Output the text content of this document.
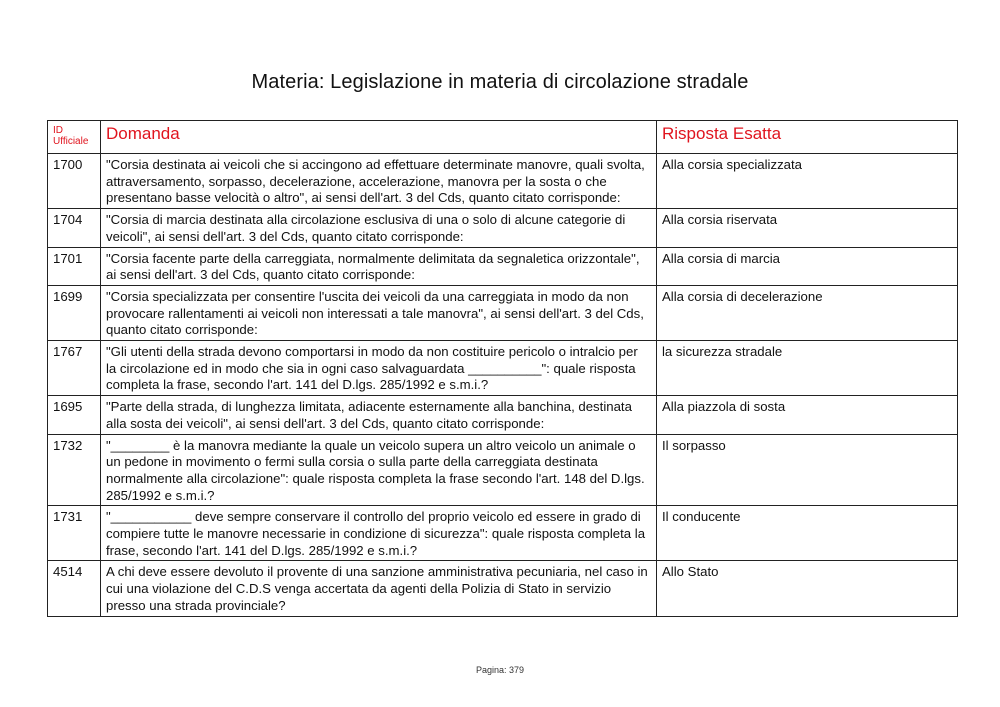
Materia: Legislazione in materia di circolazione stradale
ID Ufficiale	Domanda	Risposta Esatta
1700	"Corsia destinata ai veicoli che si accingono ad effettuare determinate manovre, quali svolta, attraversamento, sorpasso, decelerazione, accelerazione, manovra per la sosta o che presentano basse velocità o altro", ai sensi dell'art. 3 del Cds, quanto citato corrisponde:	Alla corsia specializzata
1704	"Corsia di marcia destinata alla circolazione esclusiva di una o solo di alcune categorie di veicoli", ai sensi dell'art. 3 del Cds, quanto citato corrisponde:	Alla corsia riservata
1701	"Corsia facente parte della carreggiata, normalmente delimitata da segnaletica orizzontale", ai sensi dell'art. 3 del Cds, quanto citato corrisponde:	Alla corsia di marcia
1699	"Corsia specializzata per consentire l'uscita dei veicoli da una carreggiata in modo da non provocare rallentamenti ai veicoli non interessati a tale manovra", ai sensi dell'art. 3 del Cds, quanto citato corrisponde:	Alla corsia di decelerazione
1767	"Gli utenti della strada devono comportarsi in modo da non costituire pericolo o intralcio per la circolazione ed in modo che sia in ogni caso salvaguardata __________": quale risposta completa la frase, secondo l'art. 141 del D.lgs. 285/1992 e s.m.i.?	la sicurezza stradale
1695	"Parte della strada, di lunghezza limitata, adiacente esternamente alla banchina, destinata alla sosta dei veicoli", ai sensi dell'art. 3 del Cds, quanto citato corrisponde:	Alla piazzola di sosta
1732	"________ è la manovra mediante la quale un veicolo supera un altro veicolo un animale o un pedone in movimento o fermi sulla corsia o sulla parte della carreggiata destinata normalmente alla circolazione": quale risposta completa la frase secondo l'art. 148 del D.lgs. 285/1992 e s.m.i.?	Il sorpasso
1731	"___________ deve sempre conservare il controllo del proprio veicolo ed essere in grado di compiere tutte le manovre necessarie in condizione di sicurezza": quale risposta completa la frase, secondo l'art. 141 del D.lgs. 285/1992 e s.m.i.?	Il conducente
4514	A chi deve essere devoluto il provente di una sanzione amministrativa pecuniaria, nel caso in cui una violazione del C.D.S venga accertata da agenti della Polizia di Stato in servizio presso una strada provinciale?	Allo Stato
Pagina: 379
